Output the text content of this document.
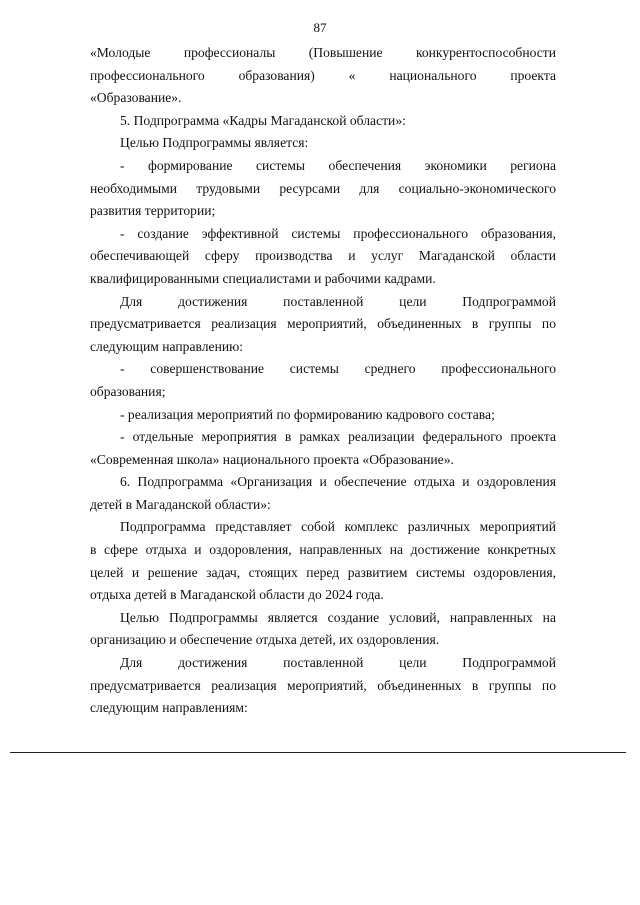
87

«Молодые профессионалы (Повышение конкурентоспособности

профессионального образования) « национального проекта

«Образование».

5. Подпрограмма «Кадры Магаданской области»:

Целью Подпрограммы является:

- формирование системы обеспечения экономики региона

необходимыми трудовыми ресурсами для социально-экономического

развития территории;

- создание эффективной системы профессионального образования,

обеспечивающей сферу производства и услуг Магаданской области

квалифицированными специалистами и рабочими кадрами.

Для достижения поставленной цели Подпрограммой

предусматривается реализация мероприятий, объединенных в группы по

следующим направлению:

- совершенствование системы среднего профессионального

образования;

- реализация мероприятий по формированию кадрового состава;

- отдельные мероприятия в рамках реализации федерального проекта

«Современная школа» национального проекта «Образование».

6. Подпрограмма «Организация и обеспечение отдыха и оздоровления

детей в Магаданской области»:

Подпрограмма представляет собой комплекс различных мероприятий

в сфере отдыха и оздоровления, направленных на достижение конкретных

целей и решение задач, стоящих перед развитием системы оздоровления,

отдыха детей в Магаданской области до 2024 года.

Целью Подпрограммы является создание условий, направленных на

организацию и обеспечение отдыха детей, их оздоровления.

Для достижения поставленной цели Подпрограммой

предусматривается реализация мероприятий, объединенных в группы по

следующим направлениям:
